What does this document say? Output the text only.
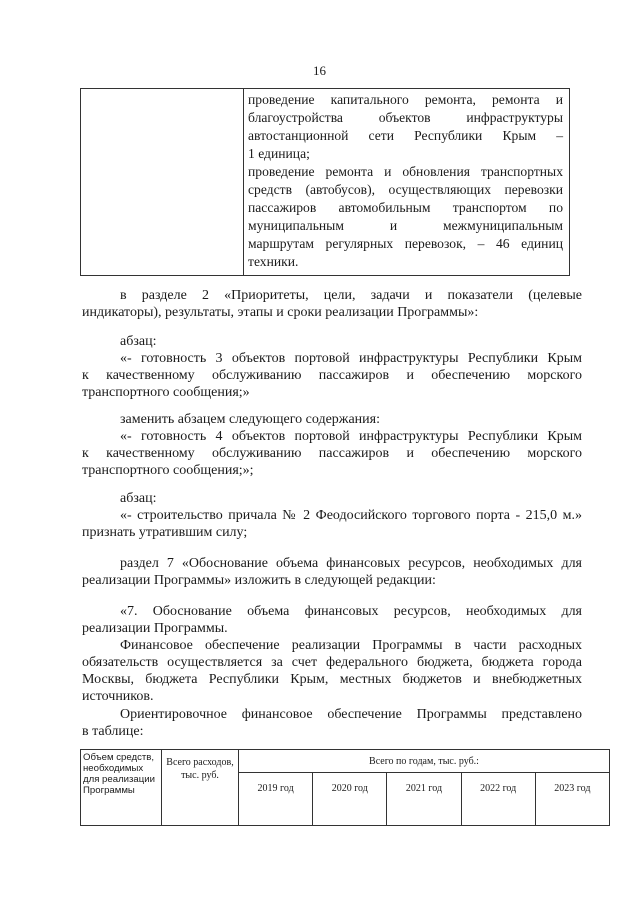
16

проведение капитального ремонта, ремонта и
благоустройства объектов инфраструктуры
автостанционной сети Республики Крым –
1 единица;
проведение ремонта и обновления транспортных
средств (автобусов), осуществляющих перевозки
пассажиров автомобильным транспортом по
муниципальным и межмуниципальным
маршрутам регулярных перевозок, – 46 единиц
техники.
в разделе 2 «Приоритеты, цели, задачи и показатели (целевые
индикаторы), результаты, этапы и сроки реализации Программы»:
абзац:
«- готовность 3 объектов портовой инфраструктуры Республики Крым
к качественному обслуживанию пассажиров и обеспечению морского
транспортного сообщения;»
заменить абзацем следующего содержания:
«- готовность 4 объектов портовой инфраструктуры Республики Крым
к качественному обслуживанию пассажиров и обеспечению морского
транспортного сообщения;»;
абзац:
«- строительство причала № 2 Феодосийского торгового порта - 215,0 м.»
признать утратившим силу;
раздел 7 «Обоснование объема финансовых ресурсов, необходимых для
реализации Программы» изложить в следующей редакции:
«7. Обоснование объема финансовых ресурсов, необходимых для
реализации Программы.
Финансовое обеспечение реализации Программы в части расходных
обязательств осуществляется за счет федерального бюджета, бюджета города
Москвы, бюджета Республики Крым, местных бюджетов и внебюджетных
источников.
Ориентировочное финансовое обеспечение Программы представлено
в таблице:
Объем средств, необходимых для реализации Программы	Всего расходов, тыс. руб.	Всего по годам, тыс. руб.:				
		2019 год	2020 год	2021 год	2022 год	2023 год
